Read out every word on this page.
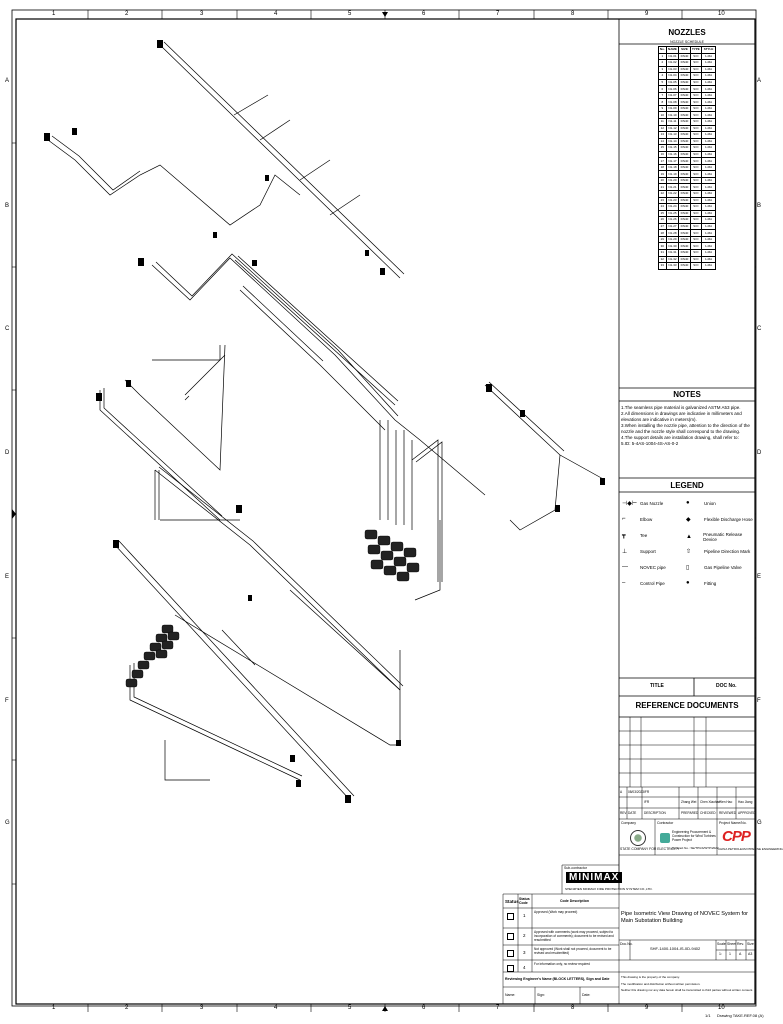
1	2	3	4	5	6	7	8	9	10
1	2	3	4	5	6	7	8	9	10
A
B
C
D
E
F
G
A
B
C
D
E
F
G
NOZZLES
NOZZLE SCHEDULE
No.	NAME	SIZE	TYPE	STYLE
1	N1-01	DN40	S/O	1-MA
2	N1-02	DN40	S/O	1-MA
3	N1-03	DN40	S/O	1-MA
4	N1-04	DN40	S/O	1-MA
5	N1-05	DN40	S/O	1-MA
6	N1-06	DN40	S/O	1-MA
7	N1-07	DN40	S/O	1-MA
8	N1-08	DN40	S/O	1-MA
9	N1-09	DN40	S/O	1-MA
10	N1-10	DN40	S/O	1-MA
11	N1-11	DN40	S/O	1-MA
12	N1-12	DN40	S/O	1-MA
13	N1-13	DN40	S/O	1-MA
14	N1-14	DN40	S/O	1-MA
15	N1-15	DN40	S/O	1-MA
16	N1-16	DN40	S/O	1-MA
17	N1-17	DN40	S/O	1-MA
18	N1-18	DN40	S/O	1-MA
19	N1-19	DN40	S/O	1-MA
20	N1-20	DN40	S/O	1-MA
21	N1-21	DN40	S/O	1-MA
22	N1-22	DN40	S/O	1-MA
23	N1-23	DN40	S/O	1-MA
24	N1-24	DN40	S/O	1-MA
25	N1-25	DN40	S/O	1-MA
26	N1-26	DN40	S/O	1-MA
27	N1-27	DN40	S/O	1-MA
28	N1-28	DN40	S/O	1-MA
29	N1-29	DN40	S/O	1-MA
30	N1-30	DN40	S/O	1-MA
31	N1-31	DN40	S/O	1-MA
32	N1-32	DN40	S/O	1-MA
33	N1-33	DN40	S/O	1-MA
NOTES
1.The seamless pipe material is galvanized ASTM A53 pipe.
2.All dimensions in drawings are indicative in millimeters and elevations are indicative in meters(m).
3.When installing the nozzle pipe, attention to the direction of the nozzle and the nozzle style shall correspond to the drawing.
4.The support details are installation drawing, shall refer to:
5.ID: 5-4AS-1004-4S-AS-0-2
LEGEND
⊣◆⊢ Gas Nozzle
⌐	Elbow
┳	Tee
⊥	Support
—	NOVEC pipe
–	Control Pipe
●	Union
◆	Flexible Discharge Hose
▲	Pneumatic Release Device
⇧	Pipeline Direction Mark
▯	Gas Pipeline Valve
●	Fitting
TITLE	DOC No.
REFERENCE DOCUMENTS
A 08/03/2023 IFR
IFR	Zhang Wei Chen Xiaohan
Wen Hao Hao Jiang
REV. DATE DESCRIPTION	PREPARED CHECKED REVIEWED APPROVED
Company	Contractor	Project Name/No.
STATE COMPANY FOR ELECTRICITY
Engineering Procurement & Construction for Wind Turbines Power Project
Contract No.: SE/TPGS/WTP/2022
CPP
CHINA PETROLEUM PIPELINE ENGINEERING
Sub-contractor
MINIMAX
SHENZHEN MINIMAX FIRE PROTECTION SYSTEM CO.,LTD.
Status Status Code	Code Description
1
Approved (Work may proceed)
2
Approved with comments (work may proceed, subject to incorporation of comments); document to be revised and resubmitted
3
Not approved (Work shall not proceed, document to be revised and resubmitted)
4
For information only, no review required
Reviewing Engineer's Name (BLOCK LETTERS), Sign and Date
Name:	Sign:	Date:
Pipe Isometric View Drawing of NOVEC System for Main Substation Building
Doc.No.
SHF-1400-1004-IS-0D-9402
Scale Sheet Rev. Size
1: 1 A A3
This drawing is the property of the company.
The modification and distribution without written permission.
Neither this drawing nor any data herein shall be transmitted to third parties without written consent.
1/1 Drawing TAKE.REF.08 (A)
